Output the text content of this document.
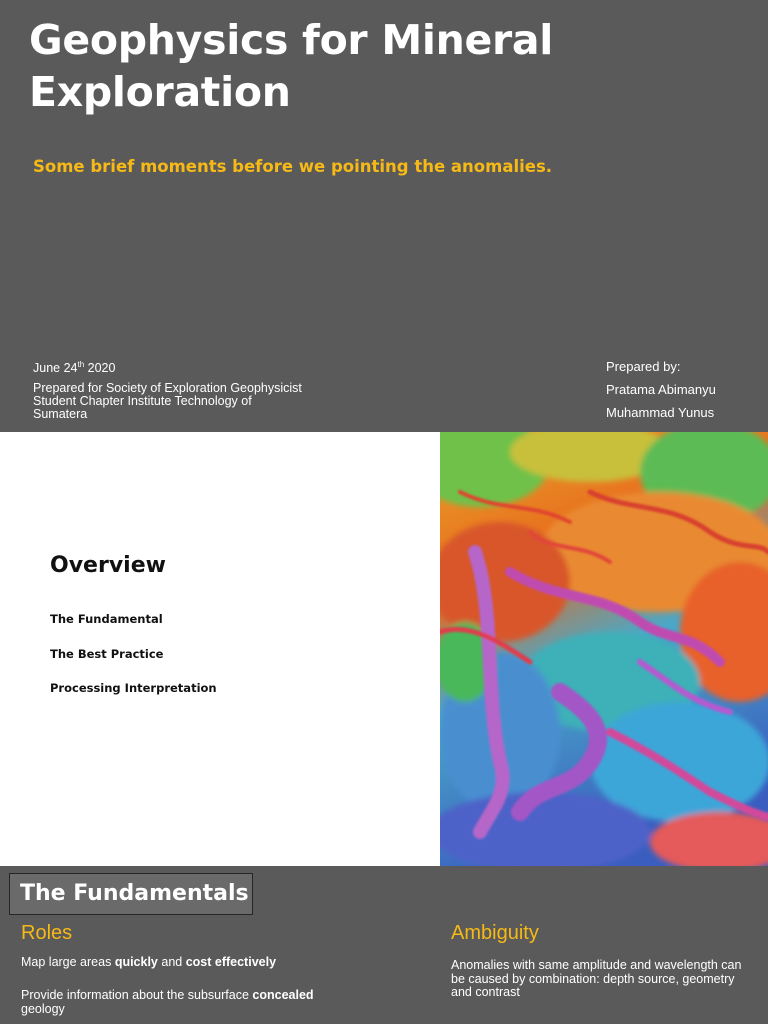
Geophysics for Mineral Exploration

Some brief moments before we pointing the anomalies.

June 24th 2020
Prepared for Society of Exploration Geophysicist Student Chapter Institute Technology of Sumatera
Prepared by:
Pratama Abimanyu
Muhammad Yunus
Overview
The Fundamental
The Best Practice
Processing Interpretation
The Fundamentals
Roles
Map large areas quickly and cost effectively
Provide information about the subsurface concealed geology
Ambiguity
Anomalies with same amplitude and wavelength can be caused by combination: depth source, geometry and contrast
